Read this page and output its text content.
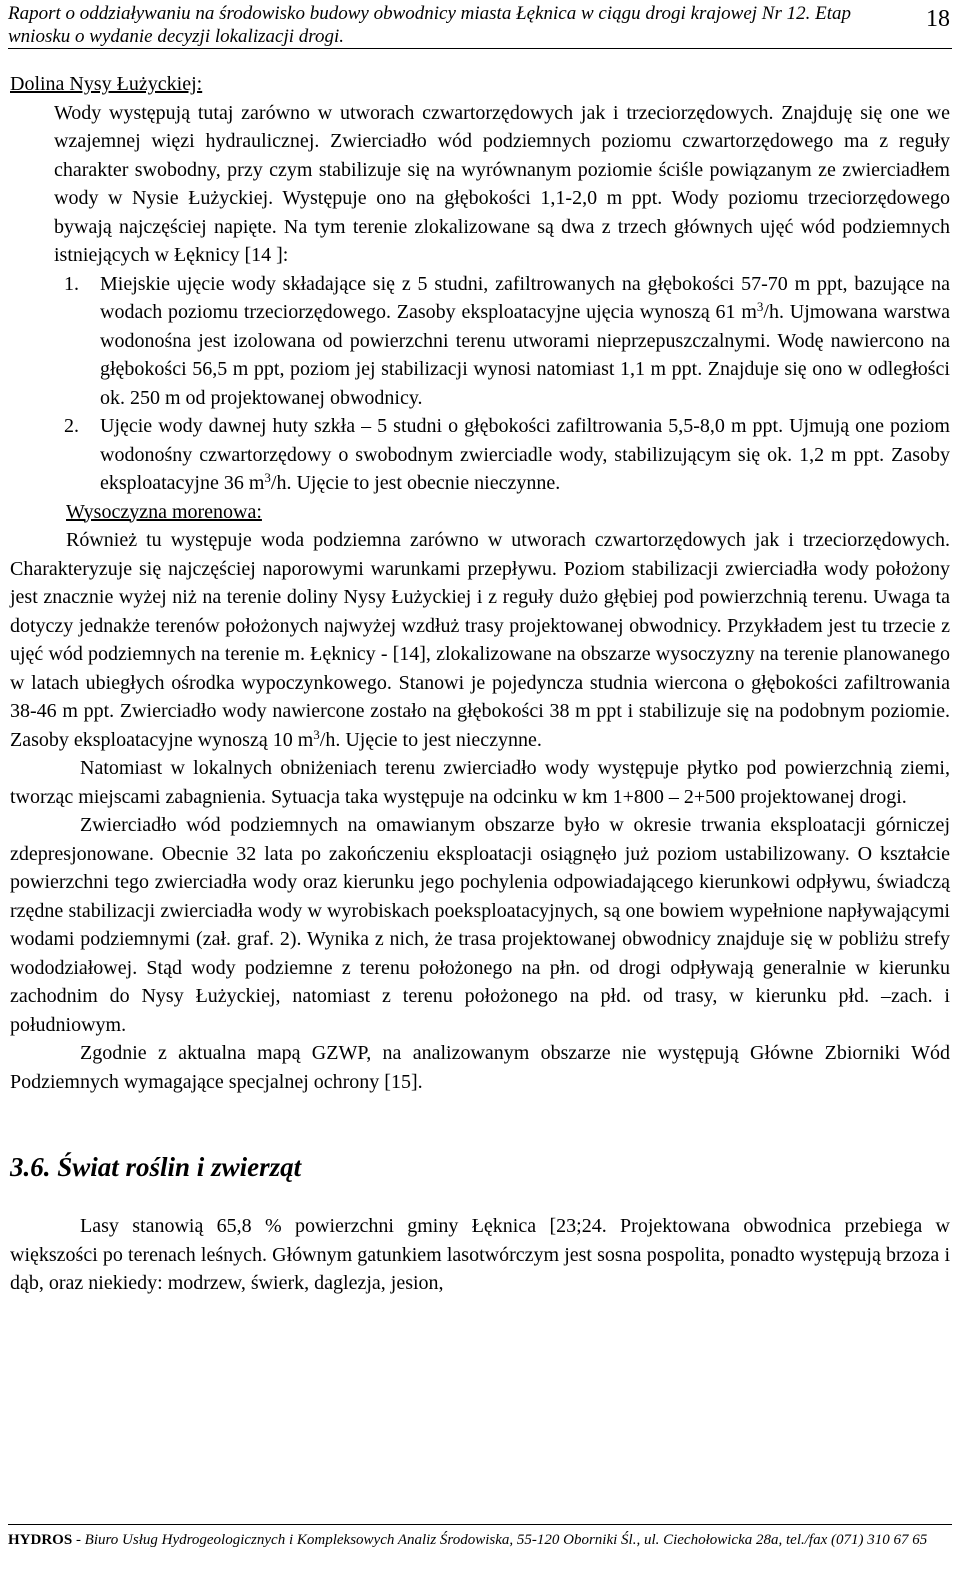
Raport o oddziaływaniu na środowisko budowy obwodnicy miasta Łęknica w ciągu drogi krajowej Nr 12. Etap wniosku o wydanie decyzji lokalizacji drogi.
18

Dolina Nysy Łużyckiej:

Wody występują tutaj zarówno w utworach czwartorzędowych jak i trzeciorzędowych. Znajduję się one we wzajemnej więzi hydraulicznej. Zwierciadło wód podziemnych poziomu czwartorzędowego ma z reguły charakter swobodny, przy czym stabilizuje się na wyrównanym poziomie ściśle powiązanym ze zwierciadłem wody w Nysie Łużyckiej. Występuje ono na głębokości 1,1-2,0 m ppt. Wody poziomu trzeciorzędowego bywają najczęściej napięte. Na tym terenie zlokalizowane są dwa z trzech głównych ujęć wód podziemnych istniejących w Łęknicy [14 ]:

1. Miejskie ujęcie wody składające się z 5 studni, zafiltrowanych na głębokości 57-70 m ppt, bazujące na wodach poziomu trzeciorzędowego. Zasoby eksploatacyjne ujęcia wynoszą 61 $m^3/h$. Ujmowana warstwa wodonośna jest izolowana od powierzchni terenu utworami nieprzepuszczalnymi. Wodę nawiercono na głębokości 56,5 m ppt, poziom jej stabilizacji wynosi natomiast 1,1 m ppt. Znajduje się ono w odległości ok. 250 m od projektowanej obwodnicy.
2. Ujęcie wody dawnej huty szkła – 5 studni o głębokości zafiltrowania 5,5-8,0 m ppt. Ujmują one poziom wodonośny czwartorzędowy o swobodnym zwierciadle wody, stabilizującym się ok. 1,2 m ppt. Zasoby eksploatacyjne 36 $m^3/h$. Ujęcie to jest obecnie nieczynne.

Wysoczyzna morenowa:

Również tu występuje woda podziemna zarówno w utworach czwartorzędowych jak i trzeciorzędowych. Charakteryzuje się najczęściej naporowymi warunkami przepływu. Poziom stabilizacji zwierciadła wody położony jest znacznie wyżej niż na terenie doliny Nysy Łużyckiej i z reguły dużo głębiej pod powierzchnią terenu. Uwaga ta dotyczy jednakże terenów położonych najwyżej wzdłuż trasy projektowanej obwodnicy. Przykładem jest tu trzecie z ujęć wód podziemnych na terenie m. Łęknicy - [14], zlokalizowane na obszarze wysoczyzny na terenie planowanego w latach ubiegłych ośrodka wypoczynkowego. Stanowi je pojedyncza studnia wiercona o głębokości zafiltrowania 38-46 m ppt. Zwierciadło wody nawiercone zostało na głębokości 38 m ppt i stabilizuje się na podobnym poziomie. Zasoby eksploatacyjne wynoszą 10 $m^3/h$. Ujęcie to jest nieczynne.

Natomiast w lokalnych obniżeniach terenu zwierciadło wody występuje płytko pod powierzchnią ziemi, tworząc miejscami zabagnienia. Sytuacja taka występuje na odcinku w km 1+800 – 2+500 projektowanej drogi.

Zwierciadło wód podziemnych na omawianym obszarze było w okresie trwania eksploatacji górniczej zdepresjonowane. Obecnie 32 lata po zakończeniu eksploatacji osiągnęło już poziom ustabilizowany. O kształcie powierzchni tego zwierciadła wody oraz kierunku jego pochylenia odpowiadającego kierunkowi odpływu, świadczą rzędne stabilizacji zwierciadła wody w wyrobiskach poeksploatacyjnych, są one bowiem wypełnione napływającymi wodami podziemnymi (zał. graf. 2). Wynika z nich, że trasa projektowanej obwodnicy znajduje się w pobliżu strefy wododziałowej. Stąd wody podziemne z terenu położonego na płn. od drogi odpływają generalnie w kierunku zachodnim do Nysy Łużyckiej, natomiast z terenu położonego na płd. od trasy, w kierunku płd. –zach. i południowym.

Zgodnie z aktualna mapą GZWP, na analizowanym obszarze nie występują Główne Zbiorniki Wód Podziemnych wymagające specjalnej ochrony [15].

3.6. Świat roślin i zwierząt

Lasy stanowią 65,8 % powierzchni gminy Łęknica [23;24. Projektowana obwodnica przebiega w większości po terenach leśnych. Głównym gatunkiem lasotwórczym jest sosna pospolita, ponadto występują brzoza i dąb, oraz niekiedy: modrzew, świerk, daglezja, jesion,

HYDROS - Biuro Usług Hydrogeologicznych i Kompleksowych Analiz Środowiska, 55-120 Oborniki Śl., ul. Ciechołowicka 28a, tel./fax (071) 310 67 65
